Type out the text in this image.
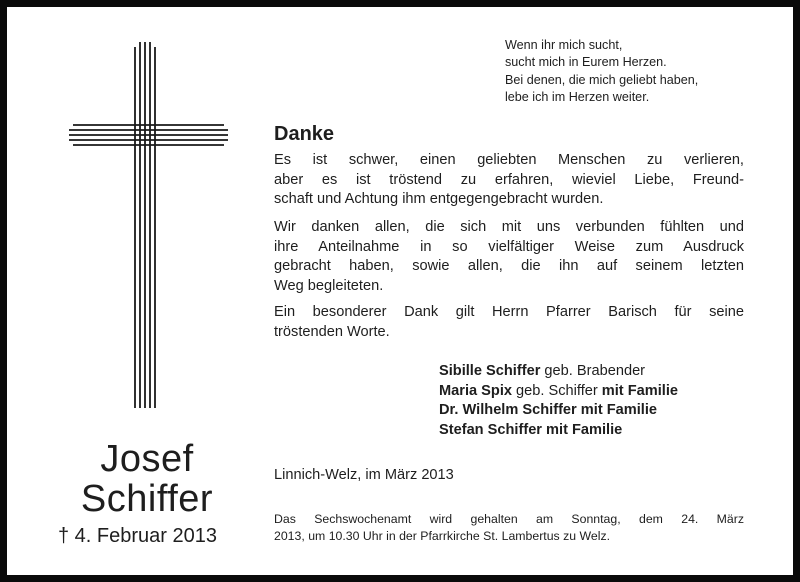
Josef
Schiffer
† 4. Februar 2013
Wenn ihr mich sucht,
sucht mich in Eurem Herzen.
Bei denen, die mich geliebt haben,
lebe ich im Herzen weiter.
Danke
Es ist schwer, einen geliebten Menschen zu verlieren,
aber es ist tröstend zu erfahren, wieviel Liebe, Freund-
schaft und Achtung ihm entgegengebracht wurden.
Wir danken allen, die sich mit uns verbunden fühlten und
ihre Anteilnahme in so vielfältiger Weise zum Ausdruck
gebracht haben, sowie allen, die ihn auf seinem letzten
Weg begleiteten.
Ein besonderer Dank gilt Herrn Pfarrer Barisch für seine
tröstenden Worte.
Sibille Schiffer geb. Brabender
Maria Spix geb. Schiffer mit Familie
Dr. Wilhelm Schiffer mit Familie
Stefan Schiffer mit Familie
Linnich-Welz, im März 2013
Das Sechswochenamt wird gehalten am Sonntag, dem 24. März
2013, um 10.30 Uhr in der Pfarrkirche St. Lambertus zu Welz.
